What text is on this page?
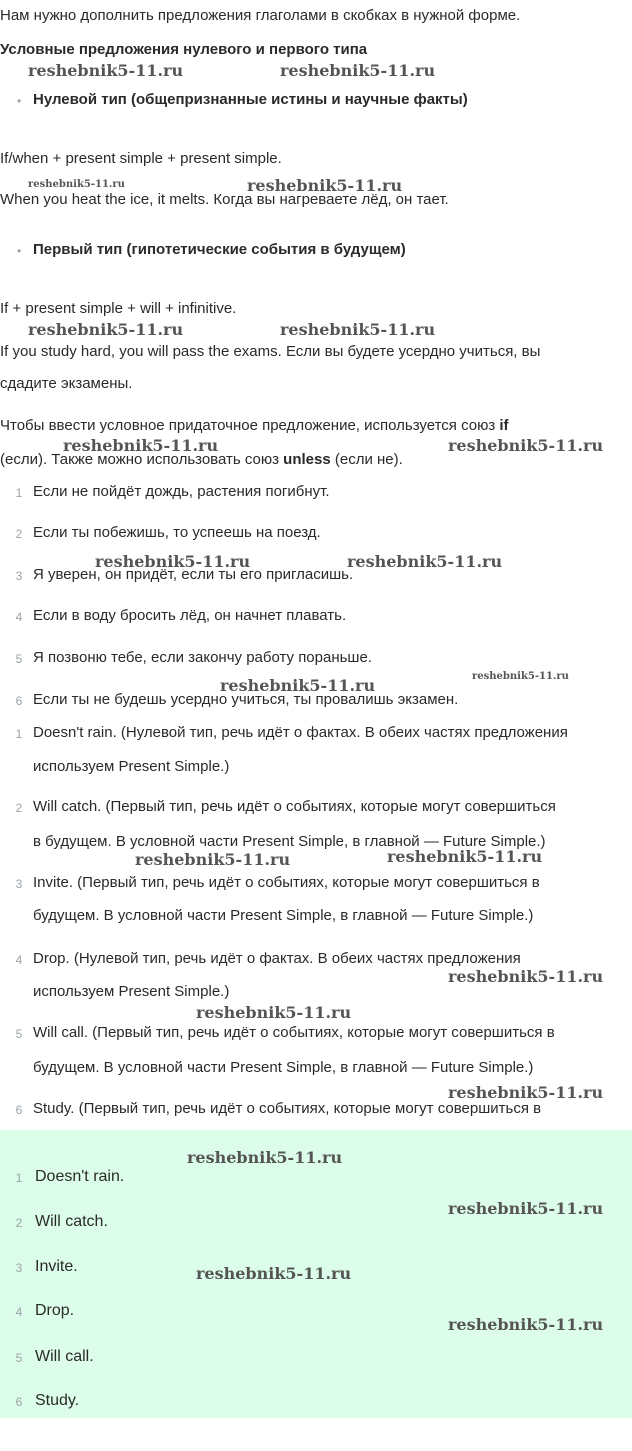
Нам нужно дополнить предложения глаголами в скобках в нужной форме.
Условные предложения нулевого и первого типа
• Нулевой тип (общепризнанные истины и научные факты)
If/when + present simple + present simple.
When you heat the ice, it melts. Когда вы нагреваете лёд, он тает.
• Первый тип (гипотетические события в будущем)
If + present simple + will + infinitive.
If you study hard, you will pass the exams. Если вы будете усердно учиться, вы
сдадите экзамены.
Чтобы ввести условное придаточное предложение, используется союз if
(если). Также можно использовать союз unless (если не).
1 Если не пойдёт дождь, растения погибнут.
2 Если ты побежишь, то успеешь на поезд.
3 Я уверен, он придёт, если ты его пригласишь.
4 Если в воду бросить лёд, он начнет плавать.
5 Я позвоню тебе, если закончу работу пораньше.
6 Если ты не будешь усердно учиться, ты провалишь экзамен.
1 Doesn't rain. (Нулевой тип, речь идёт о фактах. В обеих частях предложения
используем Present Simple.)
2 Will catch. (Первый тип, речь идёт о событиях, которые могут совершиться
в будущем. В условной части Present Simple, в главной — Future Simple.)
3 Invite. (Первый тип, речь идёт о событиях, которые могут совершиться в
будущем. В условной части Present Simple, в главной — Future Simple.)
4 Drop. (Нулевой тип, речь идёт о фактах. В обеих частях предложения
используем Present Simple.)
5 Will call. (Первый тип, речь идёт о событиях, которые могут совершиться в
будущем. В условной части Present Simple, в главной — Future Simple.)
6 Study. (Первый тип, речь идёт о событиях, которые могут совершиться в
1 Doesn't rain.
2 Will catch.
3 Invite.
4 Drop.
5 Will call.
6 Study.
reshebnik5-11.ru	reshebnik5-11.ru
reshebnik5-11.ru	reshebnik5-11.ru
reshebnik5-11.ru	reshebnik5-11.ru
reshebnik5-11.ru	reshebnik5-11.ru
reshebnik5-11.ru	reshebnik5-11.ru
reshebnik5-11.ru
reshebnik5-11.ru
reshebnik5-11.ru	reshebnik5-11.ru
reshebnik5-11.ru
reshebnik5-11.ru
reshebnik5-11.ru
reshebnik5-11.ru
reshebnik5-11.ru
reshebnik5-11.ru
reshebnik5-11.ru
